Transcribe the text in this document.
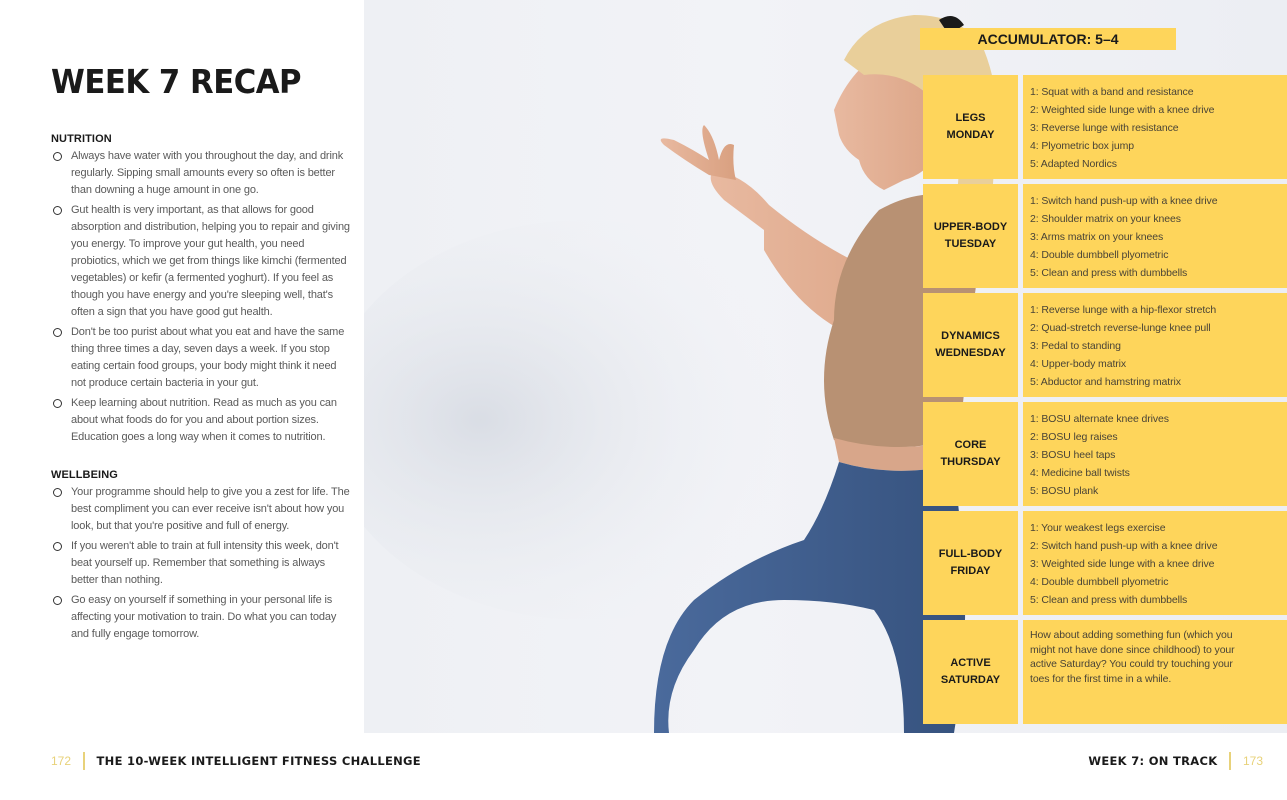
WEEK 7 RECAP
NUTRITION

Always have water with you throughout the day, and drink regularly. Sipping small amounts every so often is better than downing a huge amount in one go.

Gut health is very important, as that allows for good absorption and distribution, helping you to repair and giving you energy. To improve your gut health, you need probiotics, which we get from things like kimchi (fermented vegetables) or kefir (a fermented yoghurt). If you feel as though you have energy and you're sleeping well, that's often a sign that you have good gut health.

Don't be too purist about what you eat and have the same thing three times a day, seven days a week. If you stop eating certain food groups, your body might think it need not produce certain bacteria in your gut.

Keep learning about nutrition. Read as much as you can about what foods do for you and about portion sizes. Education goes a long way when it comes to nutrition.

WELLBEING

Your programme should help to give you a zest for life. The best compliment you can ever receive isn't about how you look, but that you're positive and full of energy.

If you weren't able to train at full intensity this week, don't beat yourself up. Remember that something is always better than nothing.

Go easy on yourself if something in your personal life is affecting your motivation to train. Do what you can today and fully engage tomorrow.

ACCUMULATOR: 5–4
LEGS
MONDAY
1: Squat with a band and resistance
2: Weighted side lunge with a knee drive
3: Reverse lunge with resistance
4: Plyometric box jump
5: Adapted Nordics
UPPER-BODY
TUESDAY
1: Switch hand push-up with a knee drive
2: Shoulder matrix on your knees
3: Arms matrix on your knees
4: Double dumbbell plyometric
5: Clean and press with dumbbells
DYNAMICS
WEDNESDAY
1: Reverse lunge with a hip-flexor stretch
2: Quad-stretch reverse-lunge knee pull
3: Pedal to standing
4: Upper-body matrix
5: Abductor and hamstring matrix
CORE
THURSDAY
1: BOSU alternate knee drives
2: BOSU leg raises
3: BOSU heel taps
4: Medicine ball twists
5: BOSU plank
FULL-BODY
FRIDAY
1: Your weakest legs exercise
2: Switch hand push-up with a knee drive
3: Weighted side lunge with a knee drive
4: Double dumbbell plyometric
5: Clean and press with dumbbells
ACTIVE
SATURDAY

How about adding something fun (which you might not have done since childhood) to your active Saturday? You could try touching your toes for the first time in a while.

172 THE 10-WEEK INTELLIGENT FITNESS CHALLENGE	WEEK 7: ON TRACK 173
